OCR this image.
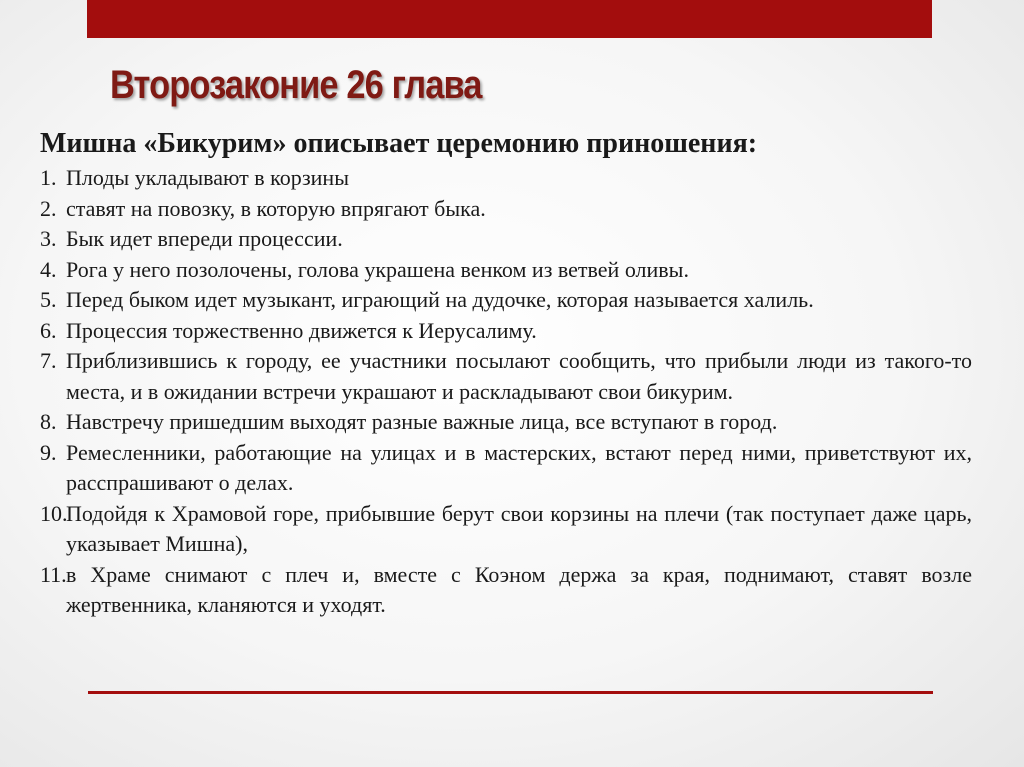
Второзаконие 26 глава

Мишна «Бикурим» описывает церемонию приношения:

1. Плоды укладывают в корзины
2. ставят на повозку, в которую впрягают быка.
3. Бык идет впереди процессии.
4. Рога у него позолочены, голова украшена венком из ветвей оливы.
5. Перед быком идет музыкант, играющий на дудочке, которая называется халиль.
6. Процессия торжественно движется к Иерусалиму.
7. Приблизившись к городу, ее участники посылают сообщить, что прибыли люди из такого-то места, и в ожидании встречи украшают и раскладывают свои бикурим.
8. Навстречу пришедшим выходят разные важные лица, все вступают в город.
9. Ремесленники, работающие на улицах и в мастерских, встают перед ними, приветствуют их, расспрашивают о делах.
10.
Подойдя к Храмовой горе, прибывшие берут свои корзины на плечи (так поступает даже царь, указывает Мишна),
11. в Храме снимают с плеч и, вместе с Коэном держа за края, поднимают, ставят возле жертвенника, кланяются и уходят.
